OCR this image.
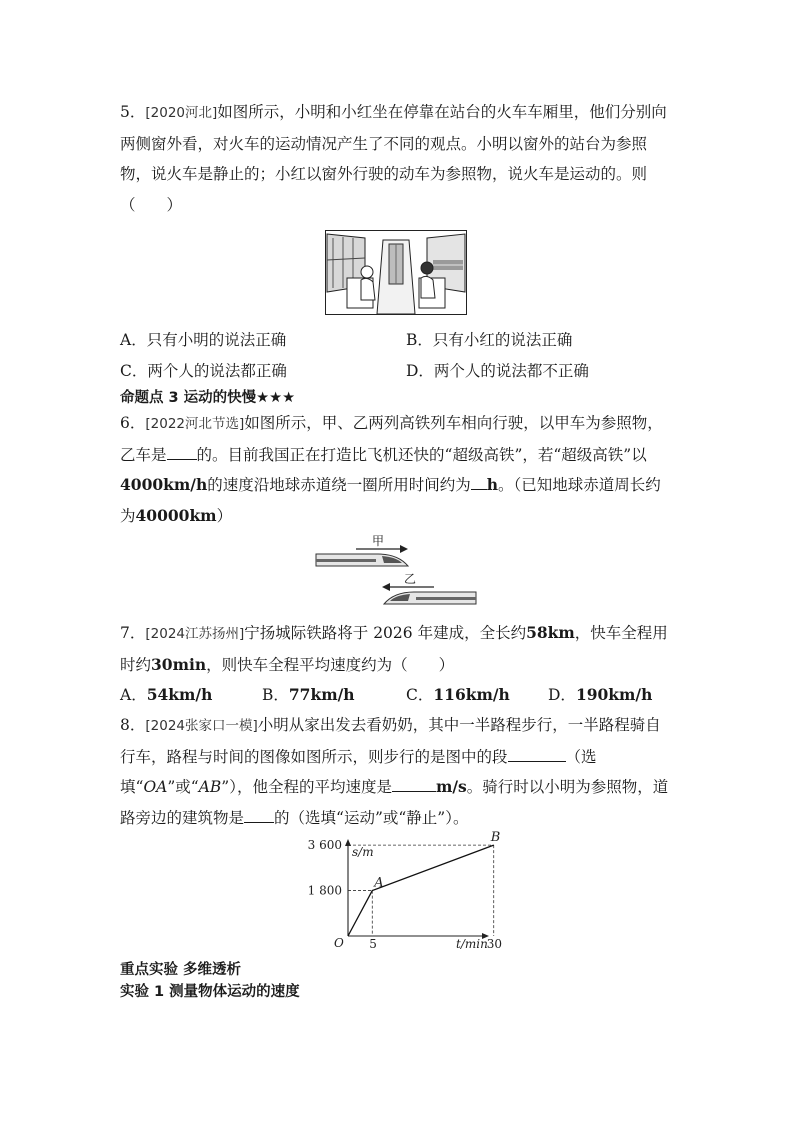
5．[2020河北]如图所示，小明和小红坐在停靠在站台的火车车厢里，他们分别向两侧窗外看，对火车的运动情况产生了不同的观点。小明以窗外的站台为参照物，说火车是静止的；小红以窗外行驶的动车为参照物，说火车是运动的。则（　　）

A．只有小明的说法正确	B．只有小红的说法正确
C．两个人的说法都正确	D．两个人的说法都不正确
命题点 3 运动的快慢★★★

6．[2022河北节选]如图所示，甲、乙两列高铁列车相向行驶，以甲车为参照物，乙车是 的。目前我国正在打造比飞机还快的“超级高铁”，若“超级高铁”以4000km/h的速度沿地球赤道绕一圈所用时间约为 h。（已知地球赤道周长约为40000km）

甲
乙

7．[2024江苏扬州]宁扬城际铁路将于 2026 年建成，全长约58km，快车全程用时约30min，则快车全程平均速度约为（　　）

A．54km/h	B．77km/h	C．116km/h D．190km/h

8．[2024张家口一模]小明从家出发去看奶奶，其中一半路程步行，一半路程骑自行车，路程与时间的图像如图所示，则步行的是图中的段	（选填“OA”或“AB”），他全程的平均速度是	m/s。骑行时以小明为参照物，道路旁边的建筑物是 的（选填“运动”或“静止”）。

s/m
t/min
O
A
B
3 600
1 800
5	30
重点实验 多维透析
实验 1 测量物体运动的速度
